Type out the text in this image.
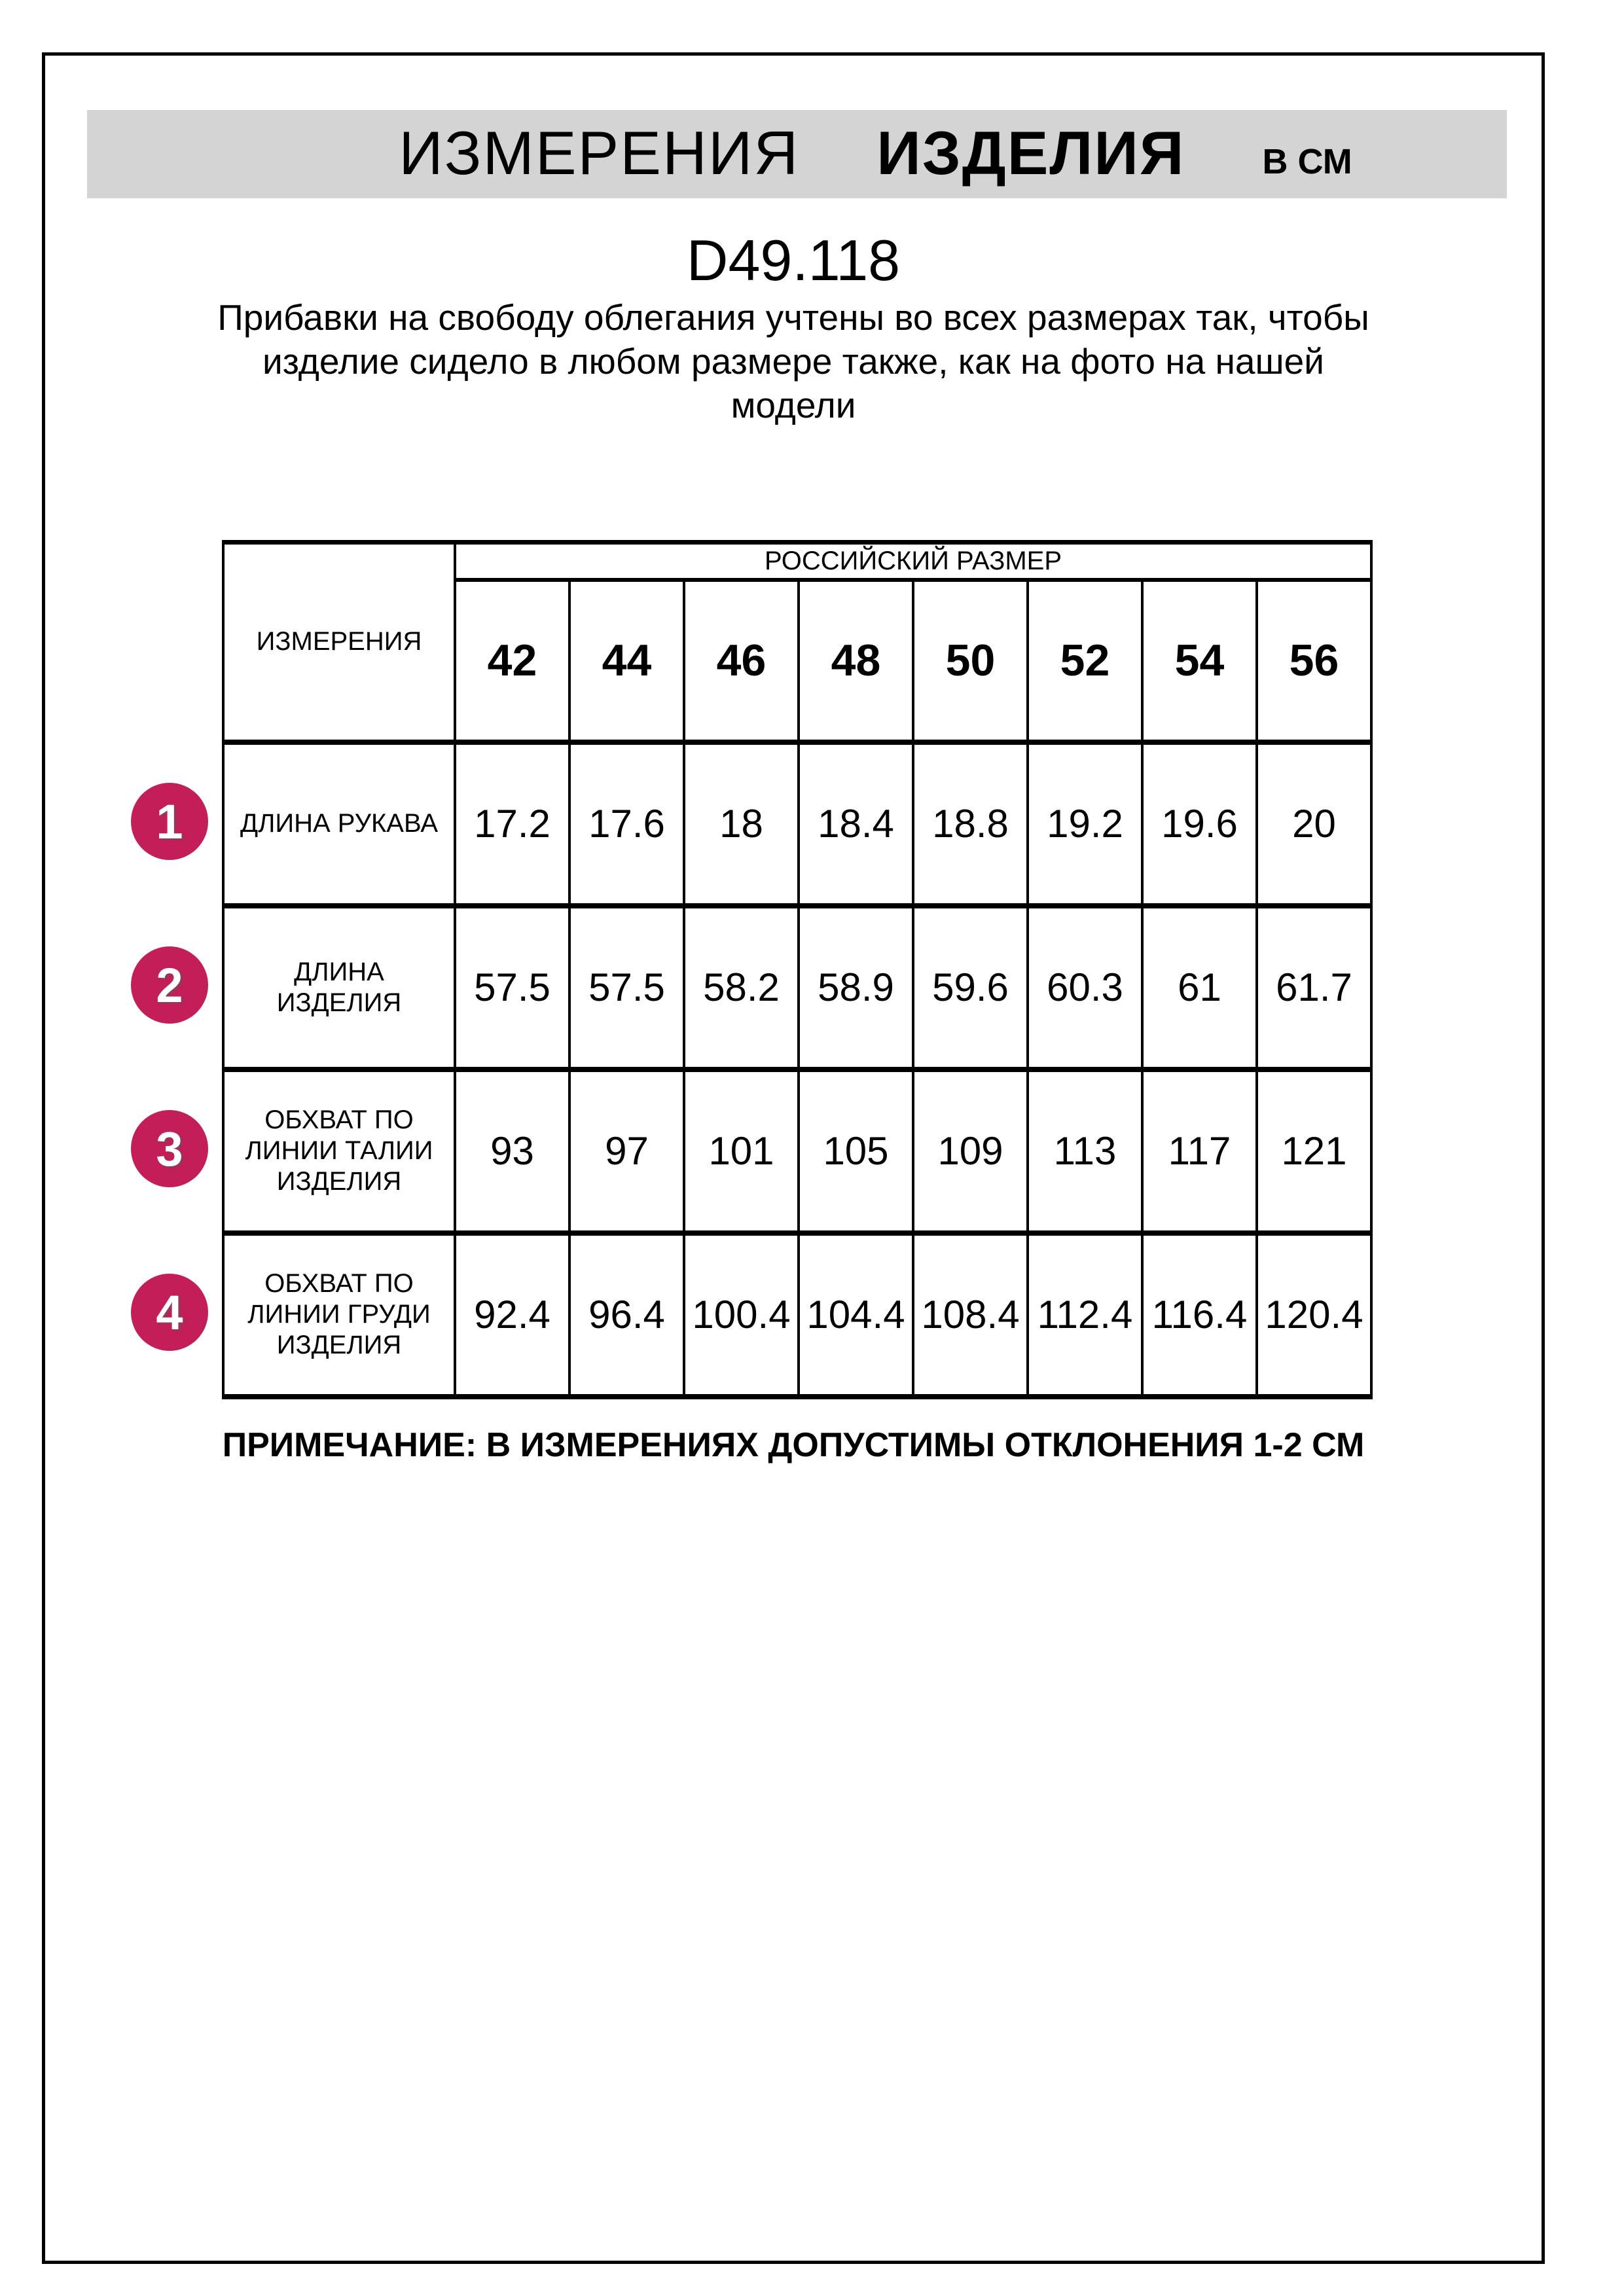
ИЗМЕРЕНИЯ ИЗДЕЛИЯ В СМ
D49.118
Прибавки на свободу облегания учтены во всех размерах так, чтобы
изделие сидело в любом размере также, как на фото на нашей
модели
ИЗМЕРЕНИЯ	РОССИЙСКИЙ РАЗМЕР							
	42	44	46	48	50	52	54	56

ДЛИНА РУКАВА	17.2	17.6	18	18.4	18.8	19.2	19.6	20

ДЛИНА
ИЗДЕЛИЯ	57.5	57.5	58.2	58.9	59.6	60.3	61	61.7

ОБХВАТ ПО
ЛИНИИ ТАЛИИ
ИЗДЕЛИЯ	93	97	101	105	109	113	117	121

ОБХВАТ ПО
ЛИНИИ ГРУДИ
ИЗДЕЛИЯ	92.4	96.4	100.4	104.4	108.4	112.4	116.4	120.4
1
2
3
4
ПРИМЕЧАНИЕ: В ИЗМЕРЕНИЯХ ДОПУСТИМЫ ОТКЛОНЕНИЯ 1-2 СМ
